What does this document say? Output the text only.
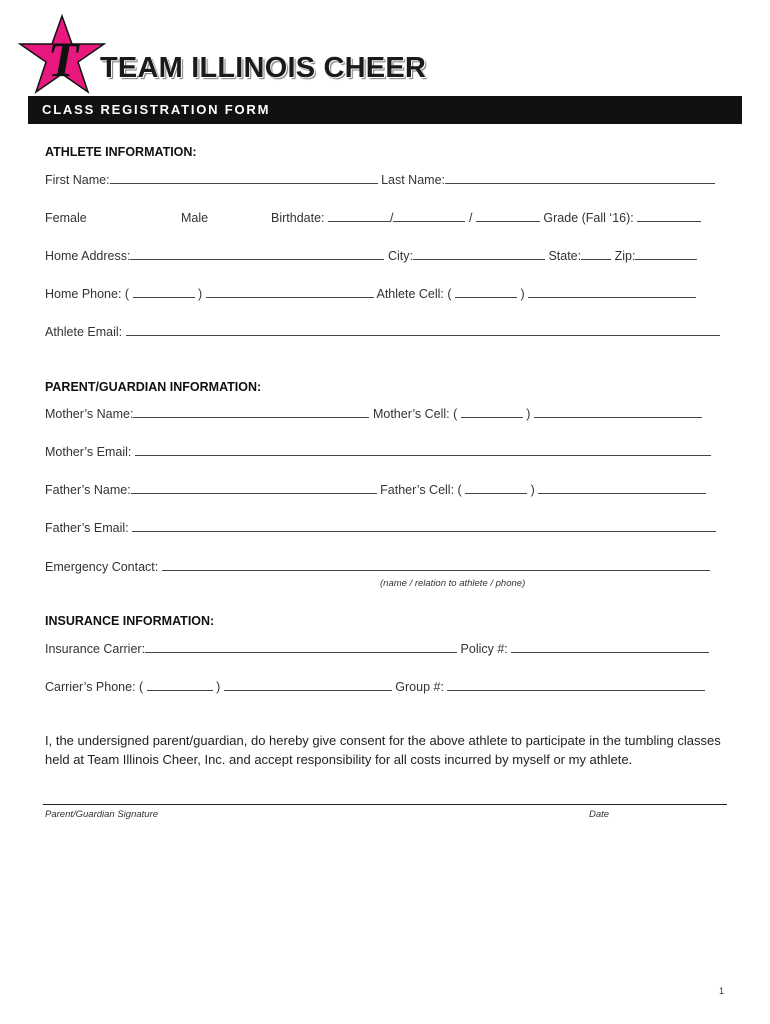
T TEAM ILLINOIS CHEER
CLASS REGISTRATION FORM
ATHLETE INFORMATION:
First Name:	Last Name:
Female	Male	Birthdate:	/	/	Grade (Fall ‘16):
Home Address:	City:	State:	Zip:
Home Phone: (	)	Athlete Cell: (	)
Athlete Email:
PARENT/GUARDIAN INFORMATION:
Mother’s Name:	Mother’s Cell: (	)
Mother’s Email:
Father’s Name:	Father’s Cell: (	)
Father’s Email:
Emergency Contact:
(name / relation to athlete / phone)
INSURANCE INFORMATION:
Insurance Carrier:	Policy #:
Carrier’s Phone: (	)	Group #:
I, the undersigned parent/guardian, do hereby give consent for the above athlete to participate in the tumbling classes held at Team Illinois Cheer, Inc. and accept responsibility for all costs incurred by myself or my athlete.
Parent/Guardian Signature	Date
1
